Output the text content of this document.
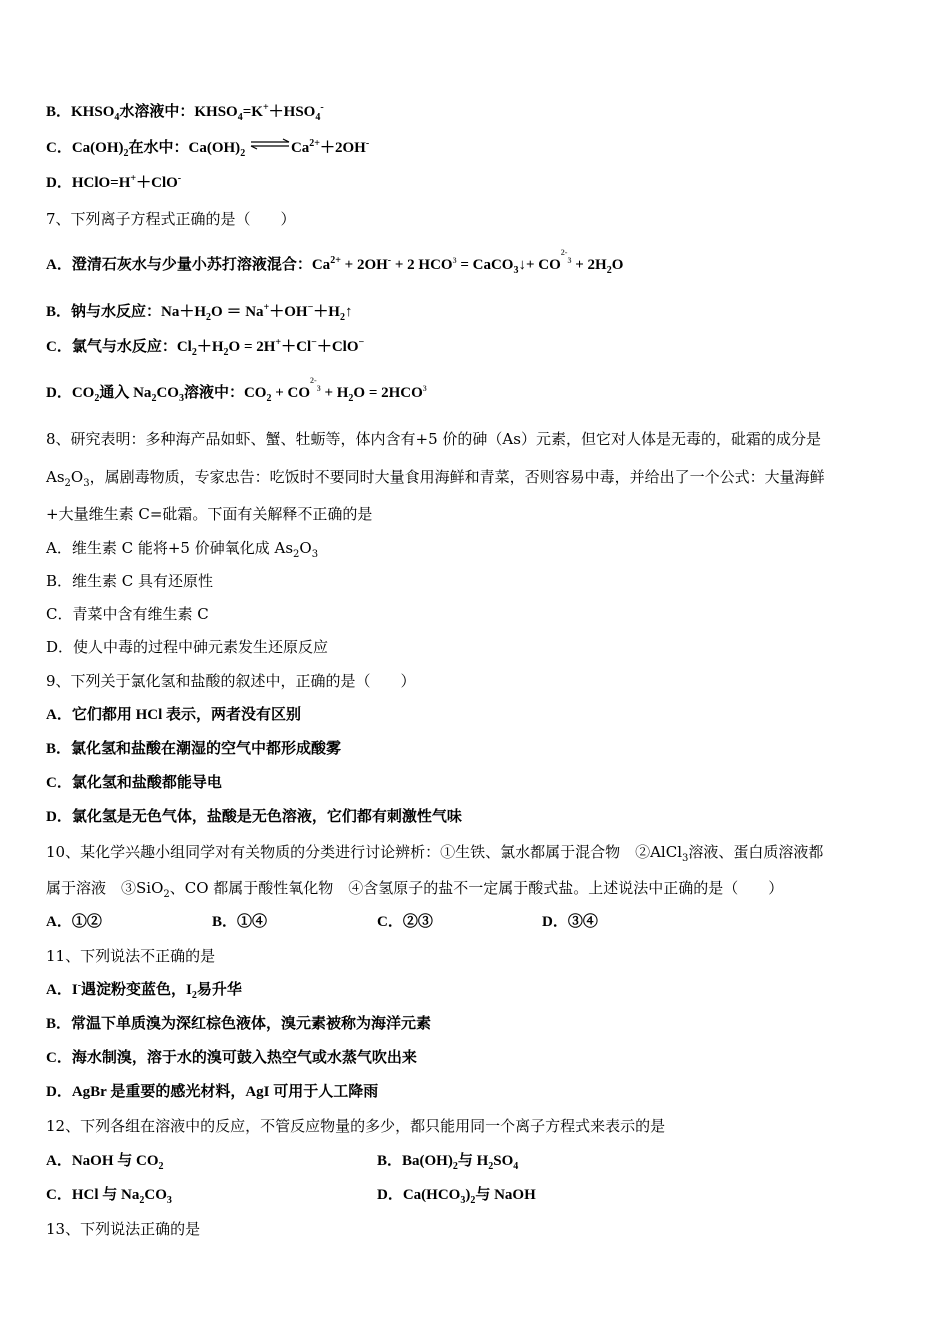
B．$KHSO_4$水溶液中：$KHSO_4=K^++HSO_4^-$
C．$Ca(OH)_2$在水中：$Ca(OH)_2$ $\rightleftharpoons Ca^{2+}+2OH^-$
D．HClO=H+＋ClO-
7、下列离子方程式正确的是（　　）
A．澄清石灰水与少量小苏打溶液混合：$Ca^{2+} + 2OH^- + 2$ $HCO^3$ = CaCO$_3$↓+ $CO^{2-3} + 2H_2O$
B．钠与水反应：$Na+H_2O$ ＝ $Na^++OH^-+H_2↑$
C．氯气与水反应：$Cl_2+H_2O = 2H^++Cl^-+ClO^-$
D．$CO_2$通入 $Na_2CO_3$溶液中：$CO_2 + CO^{2-3} + H_2O = 2HCO^3$
8、研究表明：多种海产品如虾、蟹、牡蛎等，体内含有+5 价的砷（As）元素，但它对人体是无毒的，砒霜的成分是
$As_2O_3$，属剧毒物质，专家忠告：吃饭时不要同时大量食用海鲜和青菜，否则容易中毒，并给出了一个公式：大量海鲜
+大量维生素 C=砒霜。下面有关解释不正确的是
A．维生素 C 能将+5 价砷氧化成 $As_2O_3$
B．维生素 C 具有还原性
C．青菜中含有维生素 C
D．使人中毒的过程中砷元素发生还原反应
9、下列关于氯化氢和盐酸的叙述中，正确的是（　　）
A．它们都用 HCl 表示，两者没有区别
B．氯化氢和盐酸在潮湿的空气中都形成酸雾
C．氯化氢和盐酸都能导电
D．氯化氢是无色气体，盐酸是无色溶液，它们都有刺激性气味
10、某化学兴趣小组同学对有关物质的分类进行讨论辨析：①生铁、氯水都属于混合物　②AlCl$_3$溶液、蛋白质溶液都
属于溶液　③SiO$_2$、CO 都属于酸性氧化物　④含氢原子的盐不一定属于酸式盐。上述说法中正确的是（　　）
A．①②	B．①④	C．②③	D．③④
11、下列说法不正确的是
A．I-遇淀粉变蓝色，$I_2$易升华
B．常温下单质溴为深红棕色液体，溴元素被称为海洋元素
C．海水制溴，溶于水的溴可鼓入热空气或水蒸气吹出来
D．AgBr 是重要的感光材料，AgI 可用于人工降雨
12、下列各组在溶液中的反应，不管反应物量的多少，都只能用同一个离子方程式来表示的是
A．NaOH 与 $CO_2$	B．$Ba(OH)_2$与 $H_2SO_4$
C．HCl 与 $Na_2CO_3$	D．$Ca(HCO_3)_2$与 NaOH
13、下列说法正确的是
